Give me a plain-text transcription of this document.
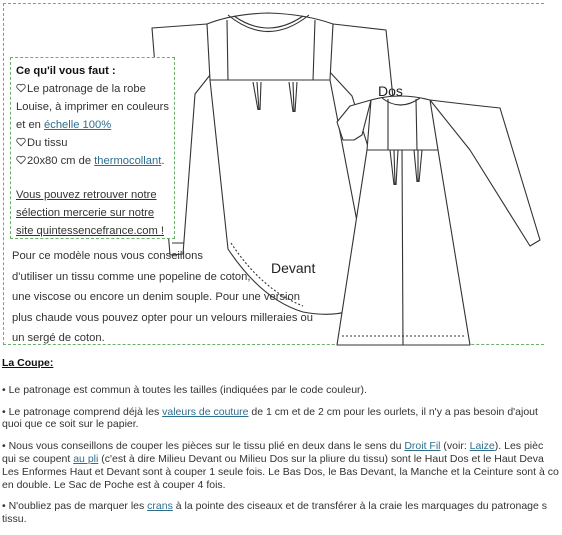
Dos
Devant
Ce qu'il vous faut :
Le patronage de la robe
Louise, à imprimer en couleurs
et en échelle 100%
Du tissu
20x80 cm de thermocollant.
Vous pouvez retrouver notre
sélection mercerie sur notre
site quintessencefrance.com !
Pour ce modèle nous vous conseillons
d'utiliser un tissu comme une popeline de coton,
une viscose ou encore un denim souple. Pour une version
plus chaude vous pouvez opter pour un velours milleraies ou
un sergé de coton.
La Coupe:

• Le patronage est commun à toutes les tailles (indiquées par le code couleur).

• Le patronage comprend déjà les valeurs de couture de 1 cm et de 2 cm pour les ourlets, il n'y a pas besoin d'ajout
quoi que ce soit sur le papier.

• Nous vous conseillons de couper les pièces sur le tissu plié en deux dans le sens du Droit Fil (voir: Laize). Les pièc
qui se coupent au pli (c'est à dire Milieu Devant ou Milieu Dos sur la pliure du tissu) sont le Haut Dos et le Haut Deva
Les Enformes Haut et Devant sont à couper 1 seule fois. Le Bas Dos, le Bas Devant, la Manche et la Ceinture sont à co
en double. Le Sac de Poche est à couper 4 fois.

• N'oubliez pas de marquer les crans à la pointe des ciseaux et de transférer à la craie les marquages du patronage s
tissu.
